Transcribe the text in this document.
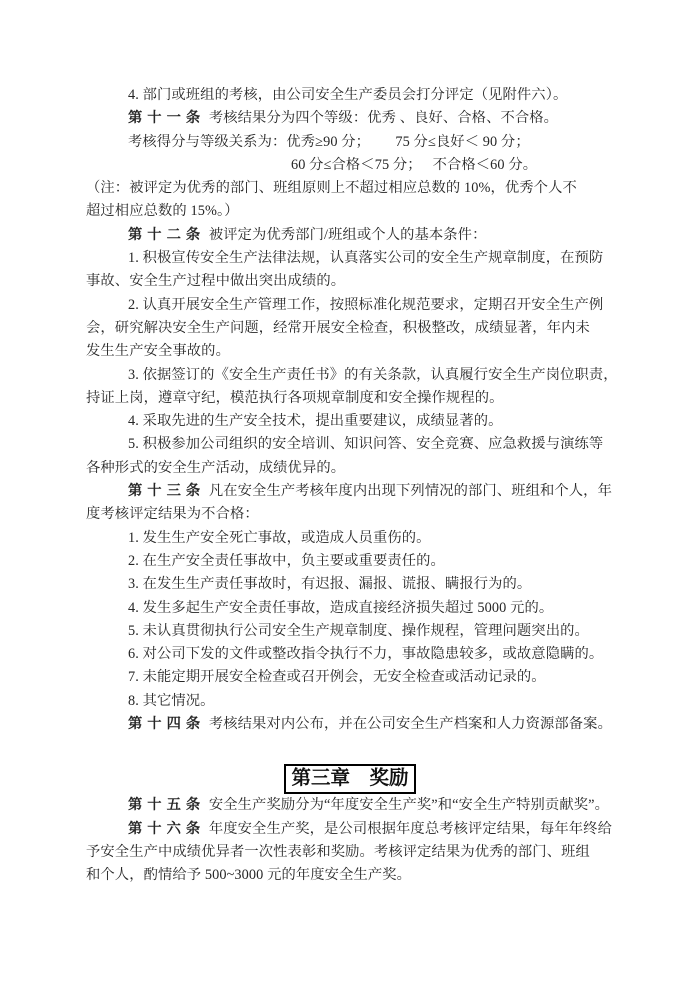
4. 部门或班组的考核，由公司安全生产委员会打分评定（见附件六）。
第十一条 考核结果分为四个等级：优秀 、良好、合格、不合格。
考核得分与等级关系为：优秀≥90 分；　　 75 分≤良好＜ 90 分；
60 分≤合格＜75 分；　 不合格＜60 分。
（注：被评定为优秀的部门、班组原则上不超过相应总数的 10%，优秀个人不
超过相应总数的 15%。）
第十二条 被评定为优秀部门/班组或个人的基本条件：
1. 积极宣传安全生产法律法规，认真落实公司的安全生产规章制度，在预防
事故、安全生产过程中做出突出成绩的。
2. 认真开展安全生产管理工作，按照标准化规范要求，定期召开安全生产例
会，研究解决安全生产问题，经常开展安全检查，积极整改，成绩显著，年内未
发生生产安全事故的。
3. 依据签订的《安全生产责任书》的有关条款，认真履行安全生产岗位职责，
持证上岗，遵章守纪，模范执行各项规章制度和安全操作规程的。
4. 采取先进的生产安全技术，提出重要建议，成绩显著的。
5. 积极参加公司组织的安全培训、知识问答、安全竞赛、应急救援与演练等
各种形式的安全生产活动，成绩优异的。
第十三条 凡在安全生产考核年度内出现下列情况的部门、班组和个人，年
度考核评定结果为不合格：
1. 发生生产安全死亡事故，或造成人员重伤的。
2. 在生产安全责任事故中，负主要或重要责任的。
3. 在发生生产责任事故时，有迟报、漏报、谎报、瞒报行为的。
4. 发生多起生产安全责任事故，造成直接经济损失超过 5000 元的。
5. 未认真贯彻执行公司安全生产规章制度、操作规程，管理问题突出的。
6. 对公司下发的文件或整改指令执行不力，事故隐患较多，或故意隐瞒的。
7. 未能定期开展安全检查或召开例会，无安全检查或活动记录的。
8. 其它情况。
第十四条 考核结果对内公布，并在公司安全生产档案和人力资源部备案。
第三章　奖励
第十五条 安全生产奖励分为“年度安全生产奖”和“安全生产特别贡献奖”。
第十六条 年度安全生产奖，是公司根据年度总考核评定结果，每年年终给
予安全生产中成绩优异者一次性表彰和奖励。考核评定结果为优秀的部门、班组
和个人，酌情给予 500~3000 元的年度安全生产奖。
